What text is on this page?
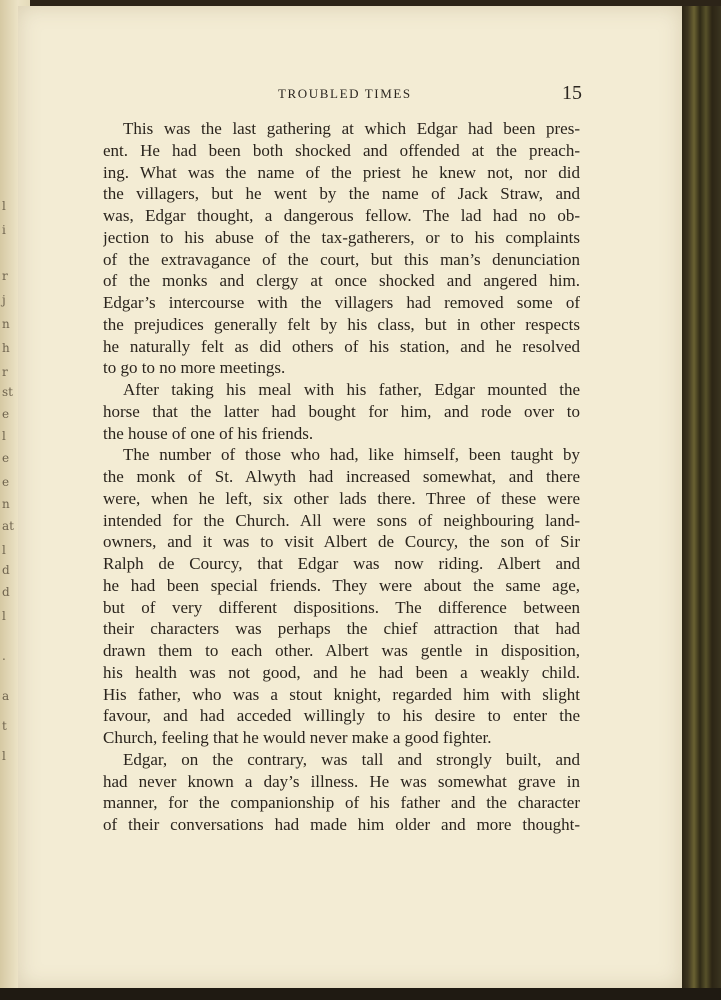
l
i
r
j
n
h
r
st
e
l
e
e
n
at
l
d
d
l
.
a
t
l
TROUBLED TIMES	15
This was the last gathering at which Edgar had been pres-
ent. He had been both shocked and offended at the preach-
ing. What was the name of the priest he knew not, nor did
the villagers, but he went by the name of Jack Straw, and
was, Edgar thought, a dangerous fellow. The lad had no ob-
jection to his abuse of the tax-gatherers, or to his complaints
of the extravagance of the court, but this man’s denunciation
of the monks and clergy at once shocked and angered him.
Edgar’s intercourse with the villagers had removed some of
the prejudices generally felt by his class, but in other respects
he naturally felt as did others of his station, and he resolved
to go to no more meetings.
After taking his meal with his father, Edgar mounted the
horse that the latter had bought for him, and rode over to
the house of one of his friends.
The number of those who had, like himself, been taught by
the monk of St. Alwyth had increased somewhat, and there
were, when he left, six other lads there. Three of these were
intended for the Church. All were sons of neighbouring land-
owners, and it was to visit Albert de Courcy, the son of Sir
Ralph de Courcy, that Edgar was now riding. Albert and
he had been special friends. They were about the same age,
but of very different dispositions. The difference between
their characters was perhaps the chief attraction that had
drawn them to each other. Albert was gentle in disposition,
his health was not good, and he had been a weakly child.
His father, who was a stout knight, regarded him with slight
favour, and had acceded willingly to his desire to enter the
Church, feeling that he would never make a good fighter.
Edgar, on the contrary, was tall and strongly built, and
had never known a day’s illness. He was somewhat grave in
manner, for the companionship of his father and the character
of their conversations had made him older and more thought-
